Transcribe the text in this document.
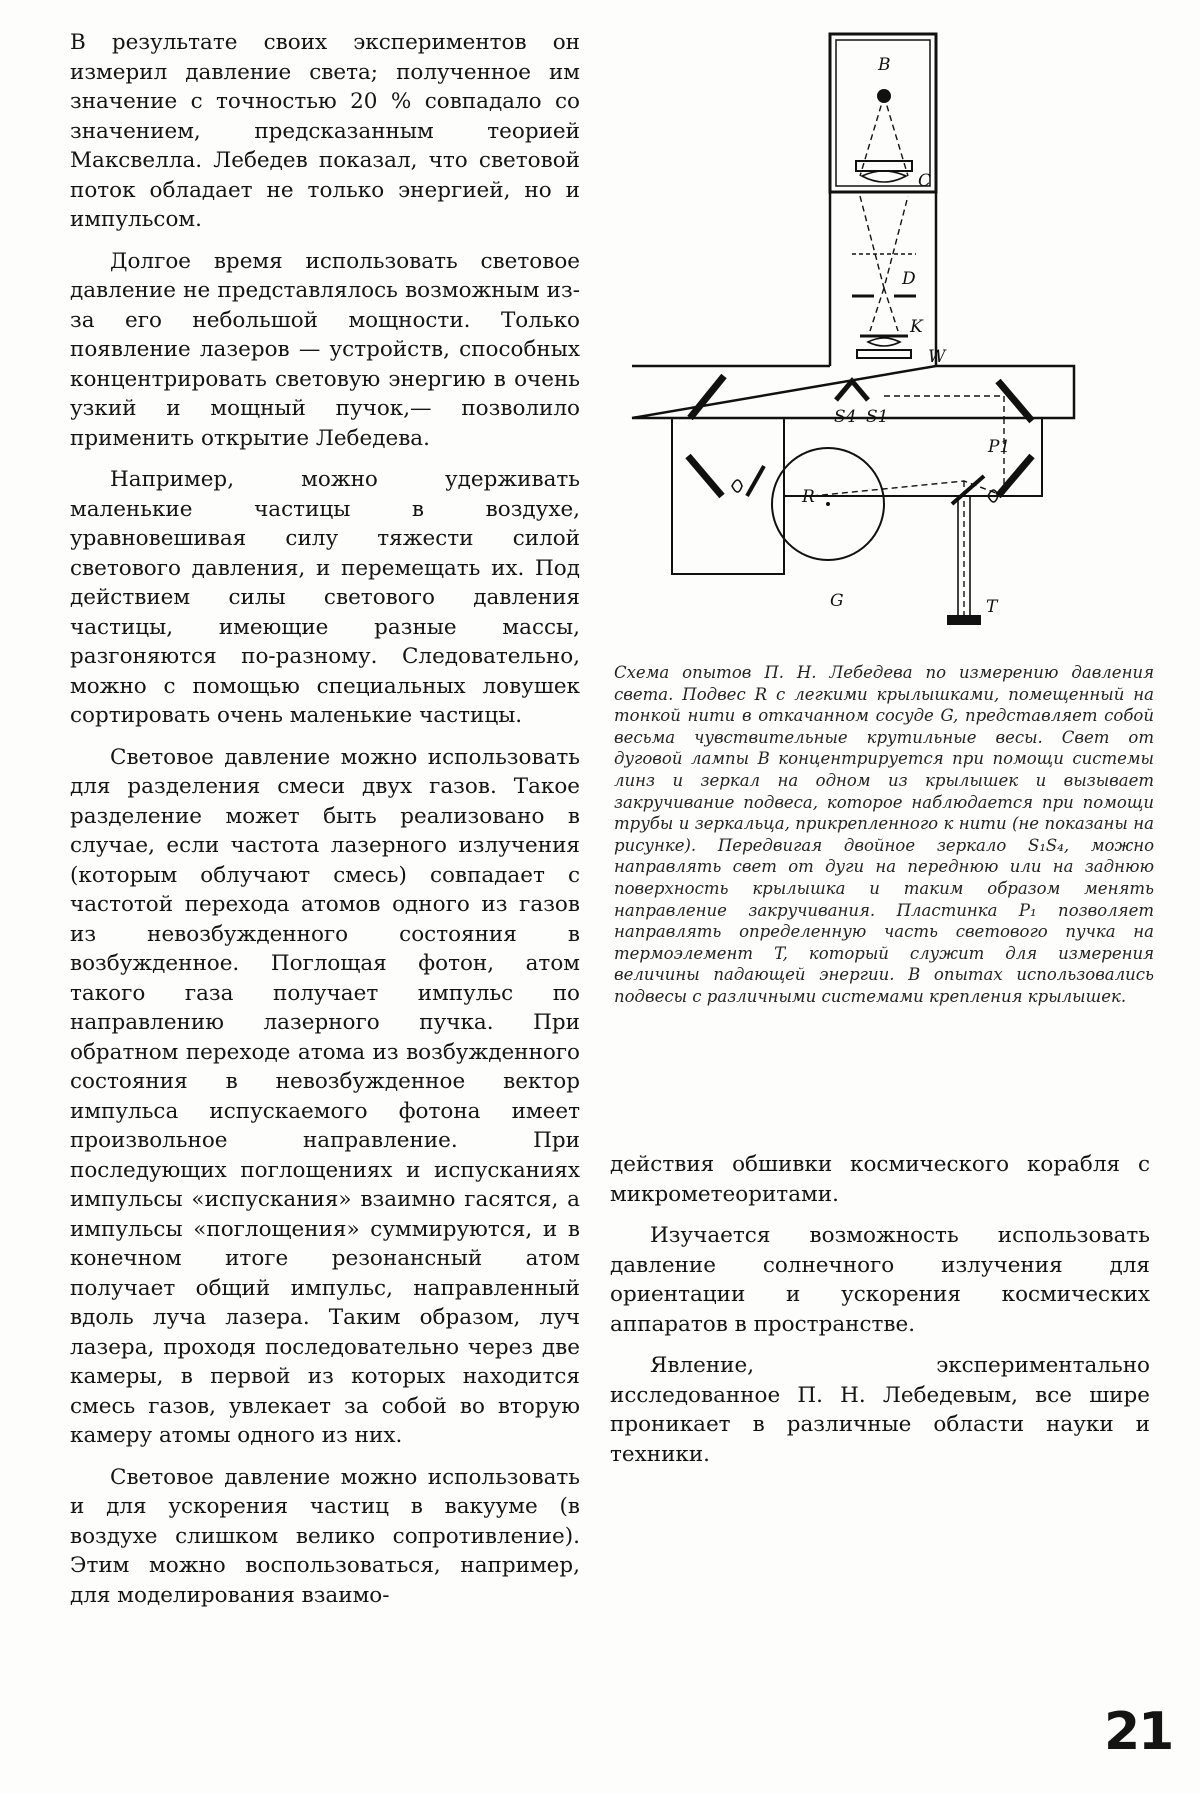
В результате своих экспериментов он измерил давление света; полученное им значение с точностью 20 % совпадало со значением, предсказанным теорией Максвелла. Лебедев показал, что световой поток обладает не только энергией, но и импульсом.

Долгое время использовать световое давление не представлялось возможным из-за его небольшой мощности. Только появление лазеров — устройств, способных концентрировать световую энергию в очень узкий и мощный пучок,— позволило применить открытие Лебедева.

Например, можно удерживать маленькие частицы в воздухе, уравновешивая силу тяжести силой светового давления, и перемещать их. Под действием силы светового давления частицы, имеющие разные массы, разгоняются по-разному. Следовательно, можно с помощью специальных ловушек сортировать очень маленькие частицы.

Световое давление можно использовать для разделения смеси двух газов. Такое разделение может быть реализовано в случае, если частота лазерного излучения (которым облучают смесь) совпадает с частотой перехода атомов одного из газов из невозбужденного состояния в возбужденное. Поглощая фотон, атом такого газа получает импульс по направлению лазерного пучка. При обратном переходе атома из возбужденного состояния в невозбужденное вектор импульса испускаемого фотона имеет произвольное направление. При последующих поглощениях и испусканиях импульсы «испускания» взаимно гасятся, а импульсы «поглощения» суммируются, и в конечном итоге резонансный атом получает общий импульс, направленный вдоль луча лазера. Таким образом, луч лазера, проходя последовательно через две камеры, в первой из которых находится смесь газов, увлекает за собой во вторую камеру атомы одного из них.

Световое давление можно использовать и для ускорения частиц в вакууме (в воздухе слишком велико сопротивление). Этим можно воспользоваться, например, для моделирования взаимо-

B
C
D
K
W
S4 S1
R
P1
G	T
Схема опытов П. Н. Лебедева по измерению давления света. Подвес R с легкими крылышками, помещенный на тонкой нити в откачанном сосуде G, представляет собой весьма чувствительные крутильные весы. Свет от дуговой лампы B концентрируется при помощи системы линз и зеркал на одном из крылышек и вызывает закручивание подвеса, которое наблюдается при помощи трубы и зеркальца, прикрепленного к нити (не показаны на рисунке). Передвигая двойное зеркало S₁S₄, можно направлять свет от дуги на переднюю или на заднюю поверхность крылышка и таким образом менять направление закручивания. Пластинка P₁ позволяет направлять определенную часть светового пучка на термоэлемент T, который служит для измерения величины падающей энергии. В опытах использовались подвесы с различными системами крепления крылышек.

действия обшивки космического корабля с микрометеоритами.

Изучается возможность использовать давление солнечного излучения для ориентации и ускорения космических аппаратов в пространстве.

Явление, экспериментально исследованное П. Н. Лебедевым, все шире проникает в различные области науки и техники.

21
